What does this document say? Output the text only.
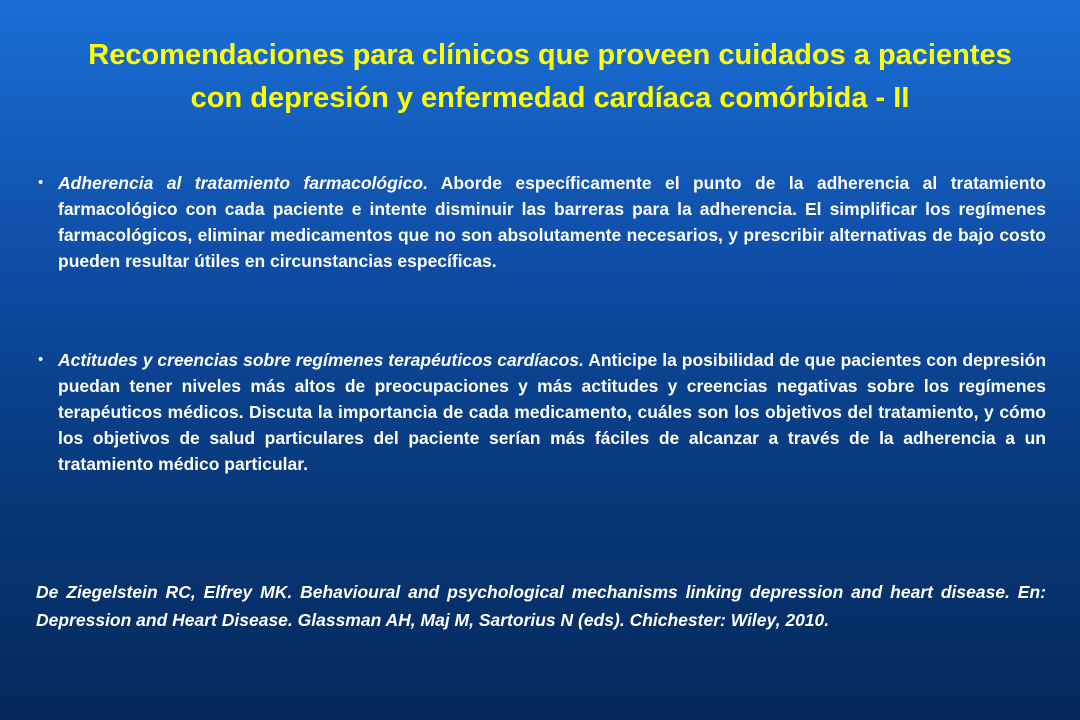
Recomendaciones para clínicos que proveen cuidados a pacientes
con depresión y enfermedad cardíaca comórbida - II
• Adherencia al tratamiento farmacológico. Aborde específicamente el punto de la adherencia al tratamiento farmacológico con cada paciente e intente disminuir las barreras para la adherencia. El simplificar los regímenes farmacológicos, eliminar medicamentos que no son absolutamente necesarios, y prescribir alternativas de bajo costo pueden resultar útiles en circunstancias específicas.
• Actitudes y creencias sobre regímenes terapéuticos cardíacos. Anticipe la posibilidad de que pacientes con depresión puedan tener niveles más altos de preocupaciones y más actitudes y creencias negativas sobre los regímenes terapéuticos médicos. Discuta la importancia de cada medicamento, cuáles son los objetivos del tratamiento, y cómo los objetivos de salud particulares del paciente serían más fáciles de alcanzar a través de la adherencia a un tratamiento médico particular.
De Ziegelstein RC, Elfrey MK. Behavioural and psychological mechanisms linking depression and heart disease. En: Depression and Heart Disease. Glassman AH, Maj M, Sartorius N (eds). Chichester: Wiley, 2010.
